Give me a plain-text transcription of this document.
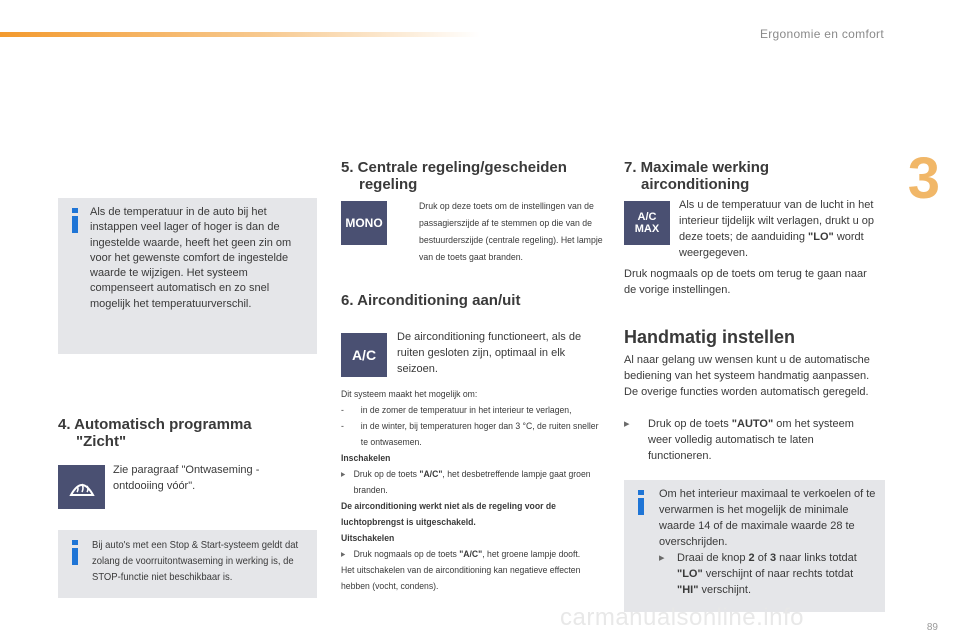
Ergonomie en comfort
3
89
Als de temperatuur in de auto bij het instappen veel lager of hoger is dan de ingestelde waarde, heeft het geen zin om voor het gewenste comfort de ingestelde waarde te wijzigen. Het systeem compenseert automatisch en zo snel mogelijk het temperatuurverschil.
4. Automatisch programma
"Zicht"
Zie paragraaf "Ontwaseming - ontdooiing vóór".
Bij auto's met een Stop & Start-systeem geldt dat zolang de voorruitontwaseming in werking is, de STOP-functie niet beschikbaar is.
5. Centrale regeling/gescheiden
regeling
MONO
Druk op deze toets om de instellingen van de passagierszijde af te stemmen op die van de bestuurderszijde (centrale regeling). Het lampje van de toets gaat branden.
6. Airconditioning aan/uit
A/C
De airconditioning functioneert, als de ruiten gesloten zijn, optimaal in elk seizoen.
Dit systeem maakt het mogelijk om:
-	in de zomer de temperatuur in het interieur te verlagen,
-	in de winter, bij temperaturen hoger dan 3 °C, de ruiten sneller te ontwasemen.
Inschakelen
▸ Druk op de toets "A/C", het desbetreffende lampje gaat groen branden.
De airconditioning werkt niet als de regeling voor de luchtopbrengst is uitgeschakeld.
Uitschakelen
▸ Druk nogmaals op de toets "A/C", het groene lampje dooft.
Het uitschakelen van de airconditioning kan negatieve effecten hebben (vocht, condens).
7. Maximale werking
airconditioning
A/C
MAX
Als u de temperatuur van de lucht in het interieur tijdelijk wilt verlagen, drukt u op deze toets; de aanduiding "LO" wordt weergegeven.
Druk nogmaals op de toets om terug te gaan naar de vorige instellingen.
Handmatig instellen
Al naar gelang uw wensen kunt u de automatische bediening van het systeem handmatig aanpassen. De overige functies worden automatisch geregeld.
▸	Druk op de toets "AUTO" om het systeem weer volledig automatisch te laten functioneren.
Om het interieur maximaal te verkoelen of te verwarmen is het mogelijk de minimale waarde 14 of de maximale waarde 28 te overschrijden.
▸	Draai de knop 2 of 3 naar links totdat "LO" verschijnt of naar rechts totdat "HI" verschijnt.
carmanualsonline.info
